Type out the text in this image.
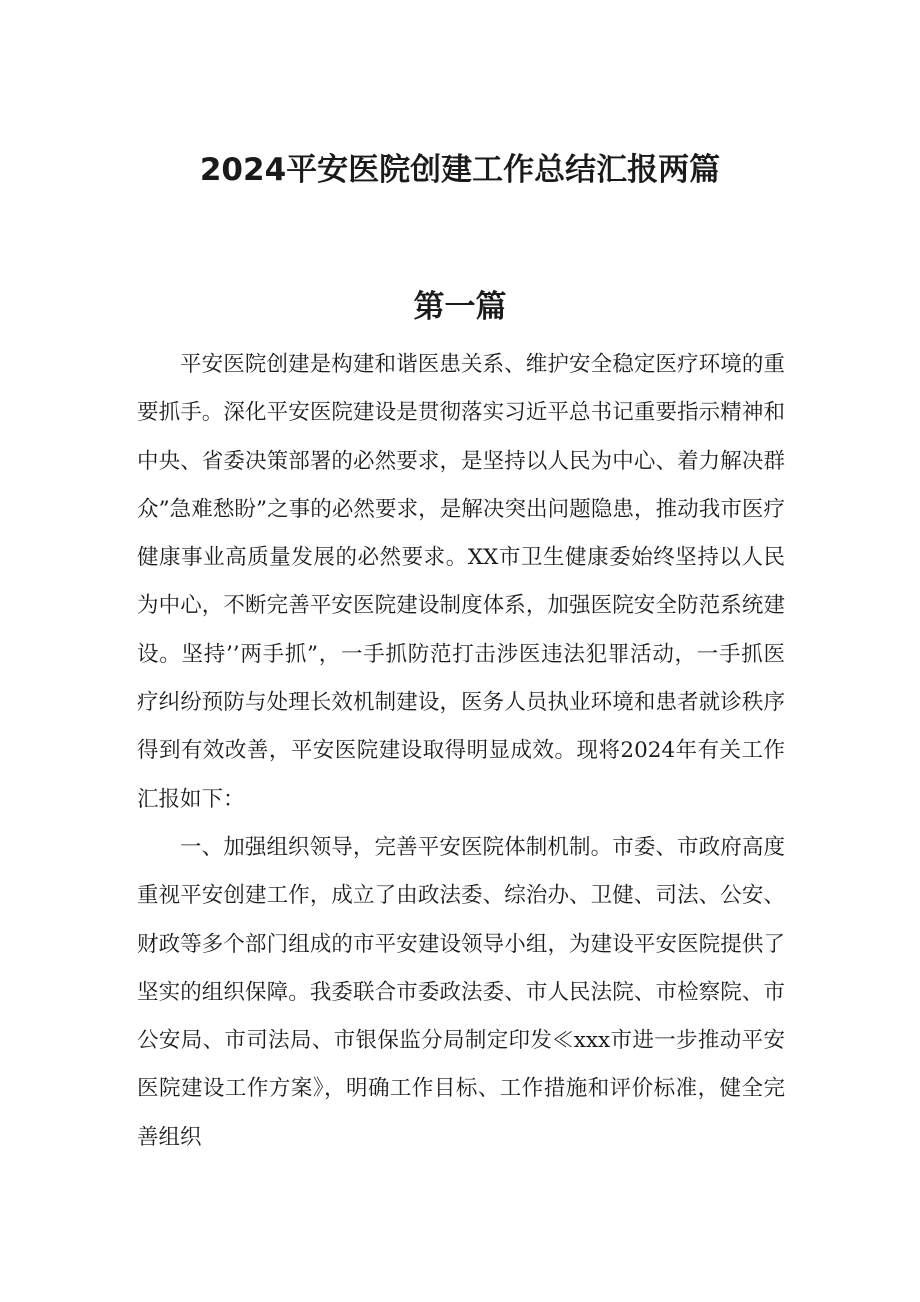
2024平安医院创建工作总结汇报两篇
第一篇

平安医院创建是构建和谐医患关系、维护安全稳定医疗环境的重要抓手。深化平安医院建设是贯彻落实习近平总书记重要指示精神和中央、省委决策部署的必然要求，是坚持以人民为中心、着力解决群众”急难愁盼”之事的必然要求，是解决突出问题隐患，推动我市医疗健康事业高质量发展的必然要求。XX市卫生健康委始终坚持以人民为中心，不断完善平安医院建设制度体系，加强医院安全防范系统建设。坚持’’两手抓”，一手抓防范打击涉医违法犯罪活动，一手抓医疗纠纷预防与处理长效机制建设，医务人员执业环境和患者就诊秩序得到有效改善，平安医院建设取得明显成效。现将2024年有关工作汇报如下：

一、加强组织领导，完善平安医院体制机制。市委、市政府高度重视平安创建工作，成立了由政法委、综治办、卫健、司法、公安、财政等多个部门组成的市平安建设领导小组，为建设平安医院提供了坚实的组织保障。我委联合市委政法委、市人民法院、市检察院、市公安局、市司法局、市银保监分局制定印发≪xxx市进一步推动平安医院建设工作方案》，明确工作目标、工作措施和评价标准，健全完善组织
